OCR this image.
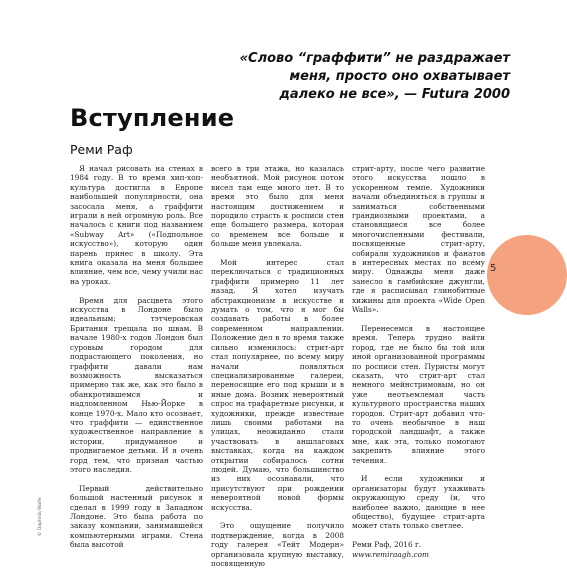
«Слово “граффити” не раздражает
меня, просто оно охватывает
далеко не все», — Futura 2000
Вступление
Реми Раф

Я начал рисовать на стенах в 1984 году. В то время хип-хоп-культура достигла в Европе наибольшей популярности, она засосала меня, а граффити играли в ней огромную роль. Все началось с книги под названием «Subway Art» («Подпольное искусство»), которую один парень принес в школу. Эта книга оказала на меня большее влияние, чем все, чему учили нас на уроках.

Время для расцвета этого искусства в Лондоне было идеальным: тэтчеровская Британия трещала по швам. В начале 1980-х годов Лондон был суровым городом для подрастающего поколения, но граффити давали нам возможность высказаться примерно так же, как это было в обанкротившемся и надломленном Нью-Йорке в конце 1970-х. Мало кто осознает, что граффити — единственное художественное направление в истории, придуманное и продвигаемое детьми. И я очень горд тем, что признан частью этого наследия.

Первый действительно большой настенный рисунок я сделал в 1999 году в Западном Лондоне. Это была работа по заказу компании, занимавшейся компьютерными играми. Стена была высотой

всего в три этажа, но казалась необъятной. Мой рисунок потом висел там еще много лет. В то время это было для меня настоящим достижением и породило страсть к росписи стен еще большего размера, которая со временем все больше и больше меня увлекала.

Мой интерес стал переключаться с традиционных граффити примерно 11 лет назад. Я хотел изучать абстракционизм в искусстве и думать о том, что я мог бы создавать работы в более современном направлении. Положение дел в то время также сильно изменилось: стрит-арт стал популярнее, по всему миру начали появляться специализированные галереи, переносящие его под крыши и в иные дома. Возник невероятный спрос на трафаретные рисунки, и художники, прежде известные лишь своими работами на улицах, неожиданно стали участвовать в аншлаговых выставках, когда на каждом открытии собиралось сотни людей. Думаю, что большинство из них осознавали, что присутствуют при рождении невероятной новой формы искусства.

Это ощущение получило подтверждение, когда в 2008 году галерея «Тейт Модерн» организовала крупную выставку, посвященную

стрит-арту, после чего развитие этого искусства пошло в ускоренном темпе. Художники начали объединяться в группы и заниматься собственными грандиозными проектами, а становящиеся все более многочисленными фестивали, посвященные стрит-арту, собирали художников и фанатов в интересных местах по всему миру. Однажды меня даже занесло в гамбийские джунгли, где я расписывал глинобитные хижины для проекта «Wide Open Walls».

Перенесемся в настоящее время. Теперь трудно найти город, где не было бы той или иной организованной программы по росписи стен. Пуристы могут сказать, что стрит-арт стал немного мейнстримовым, но он уже неотъемлемая часть культурного пространства наших городов. Стрит-арт добавил что-то очень необычное в наш городской ландшафт, а также мне, как эта, только помогают закрепить влияние этого течения.

И если художники и организаторы будут ухаживать окружающую среду (и, что наиболее важно, дающие в нее общество), будущее стрит-арта может стать только светлее.

Реми Раф, 2016 г.
www.remiraagh.com

5
© Daphnia Wolfe
